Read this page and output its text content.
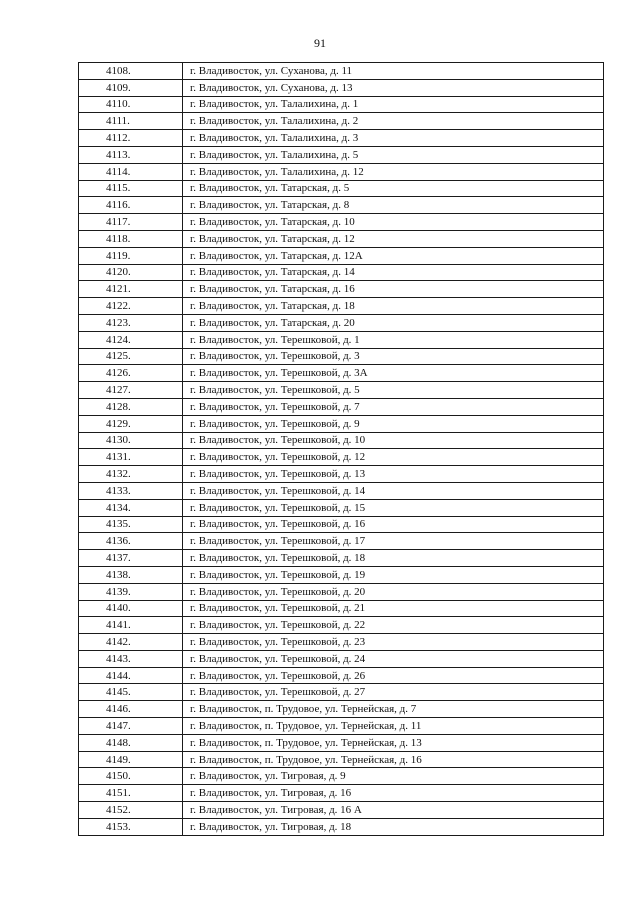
91
4108.	г. Владивосток, ул. Суханова, д. 11
4109.	г. Владивосток, ул. Суханова, д. 13
4110.	г. Владивосток, ул. Талалихина, д. 1
4111.	г. Владивосток, ул. Талалихина, д. 2
4112.	г. Владивосток, ул. Талалихина, д. 3
4113.	г. Владивосток, ул. Талалихина, д. 5
4114.	г. Владивосток, ул. Талалихина, д. 12
4115.	г. Владивосток, ул. Татарская, д. 5
4116.	г. Владивосток, ул. Татарская, д. 8
4117.	г. Владивосток, ул. Татарская, д. 10
4118.	г. Владивосток, ул. Татарская, д. 12
4119.	г. Владивосток, ул. Татарская, д. 12А
4120.	г. Владивосток, ул. Татарская, д. 14
4121.	г. Владивосток, ул. Татарская, д. 16
4122.	г. Владивосток, ул. Татарская, д. 18
4123.	г. Владивосток, ул. Татарская, д. 20
4124.	г. Владивосток, ул. Терешковой, д. 1
4125.	г. Владивосток, ул. Терешковой, д. 3
4126.	г. Владивосток, ул. Терешковой, д. 3А
4127.	г. Владивосток, ул. Терешковой, д. 5
4128.	г. Владивосток, ул. Терешковой, д. 7
4129.	г. Владивосток, ул. Терешковой, д. 9
4130.	г. Владивосток, ул. Терешковой, д. 10
4131.	г. Владивосток, ул. Терешковой, д. 12
4132.	г. Владивосток, ул. Терешковой, д. 13
4133.	г. Владивосток, ул. Терешковой, д. 14
4134.	г. Владивосток, ул. Терешковой, д. 15
4135.	г. Владивосток, ул. Терешковой, д. 16
4136.	г. Владивосток, ул. Терешковой, д. 17
4137.	г. Владивосток, ул. Терешковой, д. 18
4138.	г. Владивосток, ул. Терешковой, д. 19
4139.	г. Владивосток, ул. Терешковой, д. 20
4140.	г. Владивосток, ул. Терешковой, д. 21
4141.	г. Владивосток, ул. Терешковой, д. 22
4142.	г. Владивосток, ул. Терешковой, д. 23
4143.	г. Владивосток, ул. Терешковой, д. 24
4144.	г. Владивосток, ул. Терешковой, д. 26
4145.	г. Владивосток, ул. Терешковой, д. 27
4146.	г. Владивосток, п. Трудовое, ул. Тернейская, д. 7
4147.	г. Владивосток, п. Трудовое, ул. Тернейская, д. 11
4148.	г. Владивосток, п. Трудовое, ул. Тернейская, д. 13
4149.	г. Владивосток, п. Трудовое, ул. Тернейская, д. 16
4150.	г. Владивосток, ул. Тигровая, д. 9
4151.	г. Владивосток, ул. Тигровая, д. 16
4152.	г. Владивосток, ул. Тигровая, д. 16 А
4153.	г. Владивосток, ул. Тигровая, д. 18
